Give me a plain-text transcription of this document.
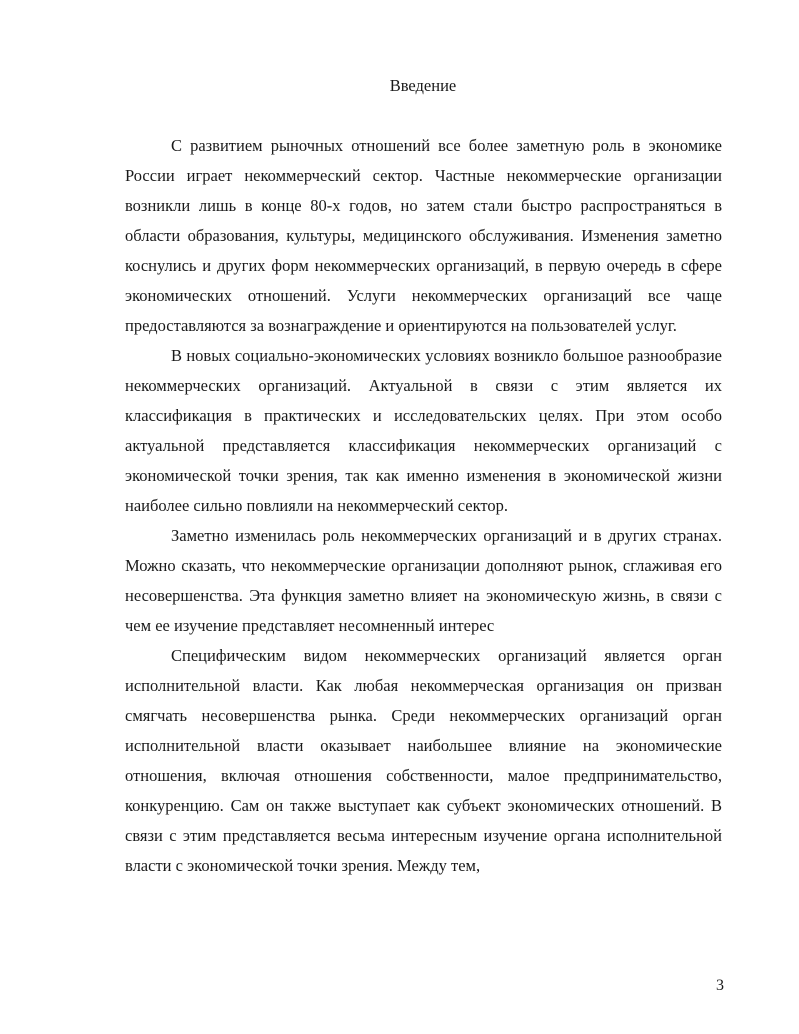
Введение

С развитием рыночных отношений все более заметную роль в экономике России играет некоммерческий сектор. Частные некоммерческие организации возникли лишь в конце 80-х годов, но затем стали быстро распространяться в области образования, культуры, медицинского обслуживания. Изменения заметно коснулись и других форм некоммерческих организаций, в первую очередь в сфере экономических отношений. Услуги некоммерческих организаций все чаще предоставляются за вознаграждение и ориентируются на пользователей услуг.

В новых социально-экономических условиях возникло большое разнообразие некоммерческих организаций. Актуальной в связи с этим является их классификация в практических и исследовательских целях. При этом особо актуальной представляется классификация некоммерческих организаций с экономической точки зрения, так как именно изменения в экономической жизни наиболее сильно повлияли на некоммерческий сектор.

Заметно изменилась роль некоммерческих организаций и в других странах. Можно сказать, что некоммерческие организации дополняют рынок, сглаживая его несовершенства. Эта функция заметно влияет на экономическую жизнь, в связи с чем ее изучение представляет несомненный интерес

Специфическим видом некоммерческих организаций является орган исполнительной власти. Как любая некоммерческая организация он призван смягчать несовершенства рынка. Среди некоммерческих организаций орган исполнительной власти оказывает наибольшее влияние на экономические отношения, включая отношения собственности, малое предпринимательство, конкуренцию. Сам он также выступает как субъект экономических отношений. В связи с этим представляется весьма интересным изучение органа исполнительной власти с экономической точки зрения. Между тем,

3
